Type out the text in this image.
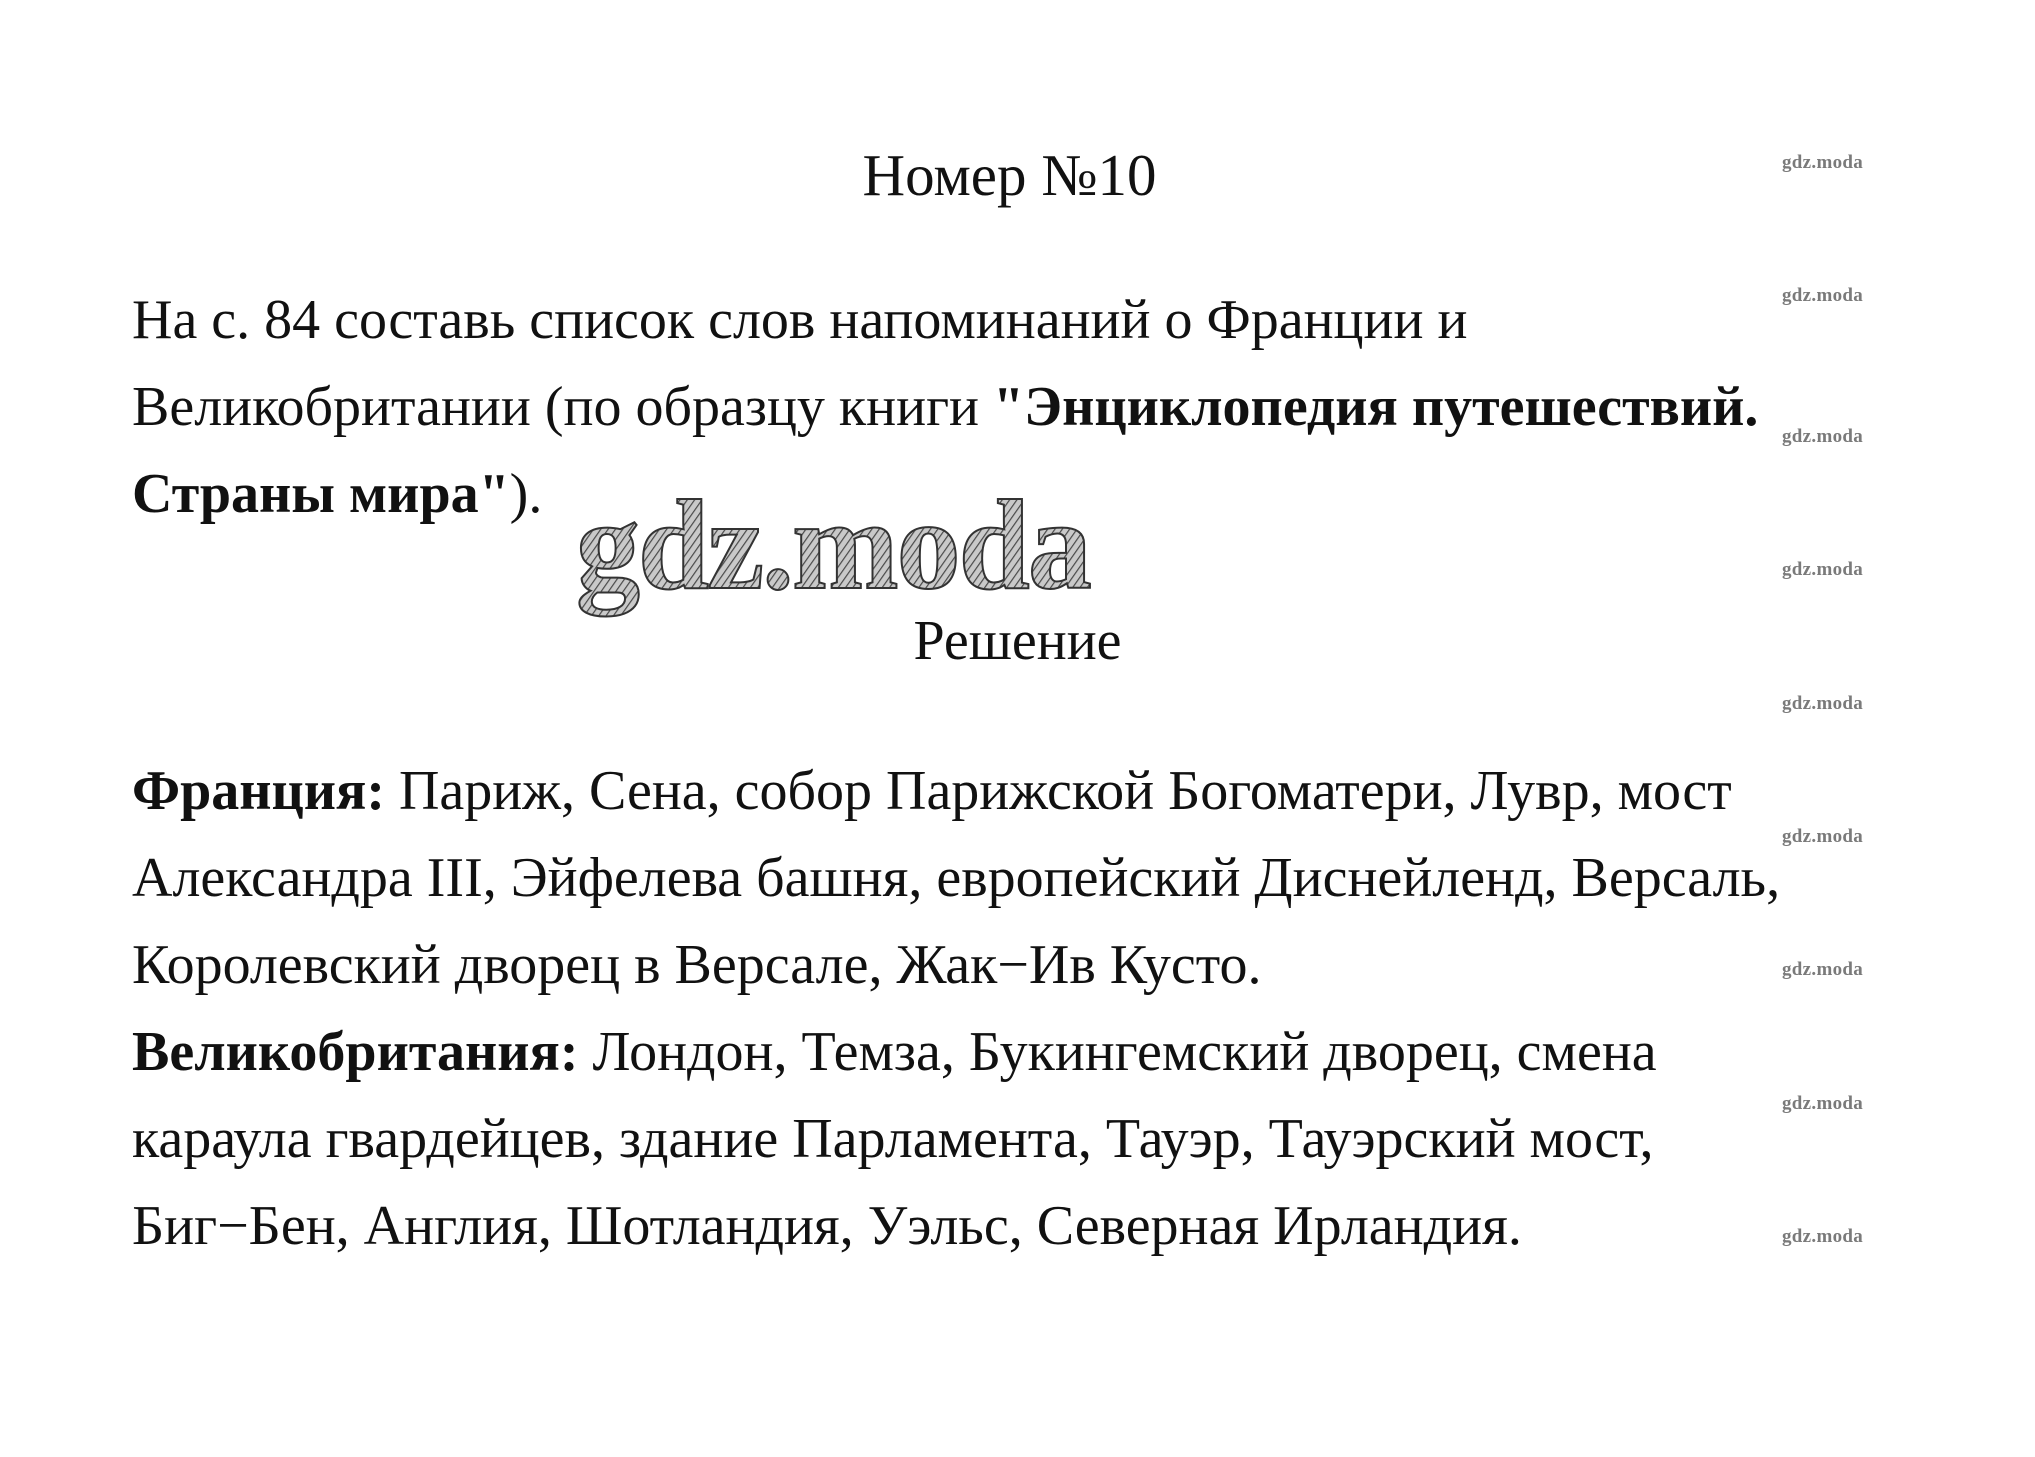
Номер №10
На с. 84 составь список слов напоминаний о Франции и
Великобритании (по образцу книги "Энциклопедия путешествий.
Страны мира"). gdz.moda
Решение
Франция: Париж, Сена, собор Парижской Богоматери, Лувр, мост
Александра III, Эйфелева башня, европейский Диснейленд, Версаль,
Королевский дворец в Версале, Жак−Ив Кусто.
Великобритания: Лондон, Темза, Букингемский дворец, смена
караула гвардейцев, здание Парламента, Тауэр, Тауэрский мост,
Биг−Бен, Англия, Шотландия, Уэльс, Северная Ирландия.
gdz.moda
gdz.moda
gdz.moda
gdz.moda
gdz.moda
gdz.moda
gdz.moda
gdz.moda
gdz.moda
